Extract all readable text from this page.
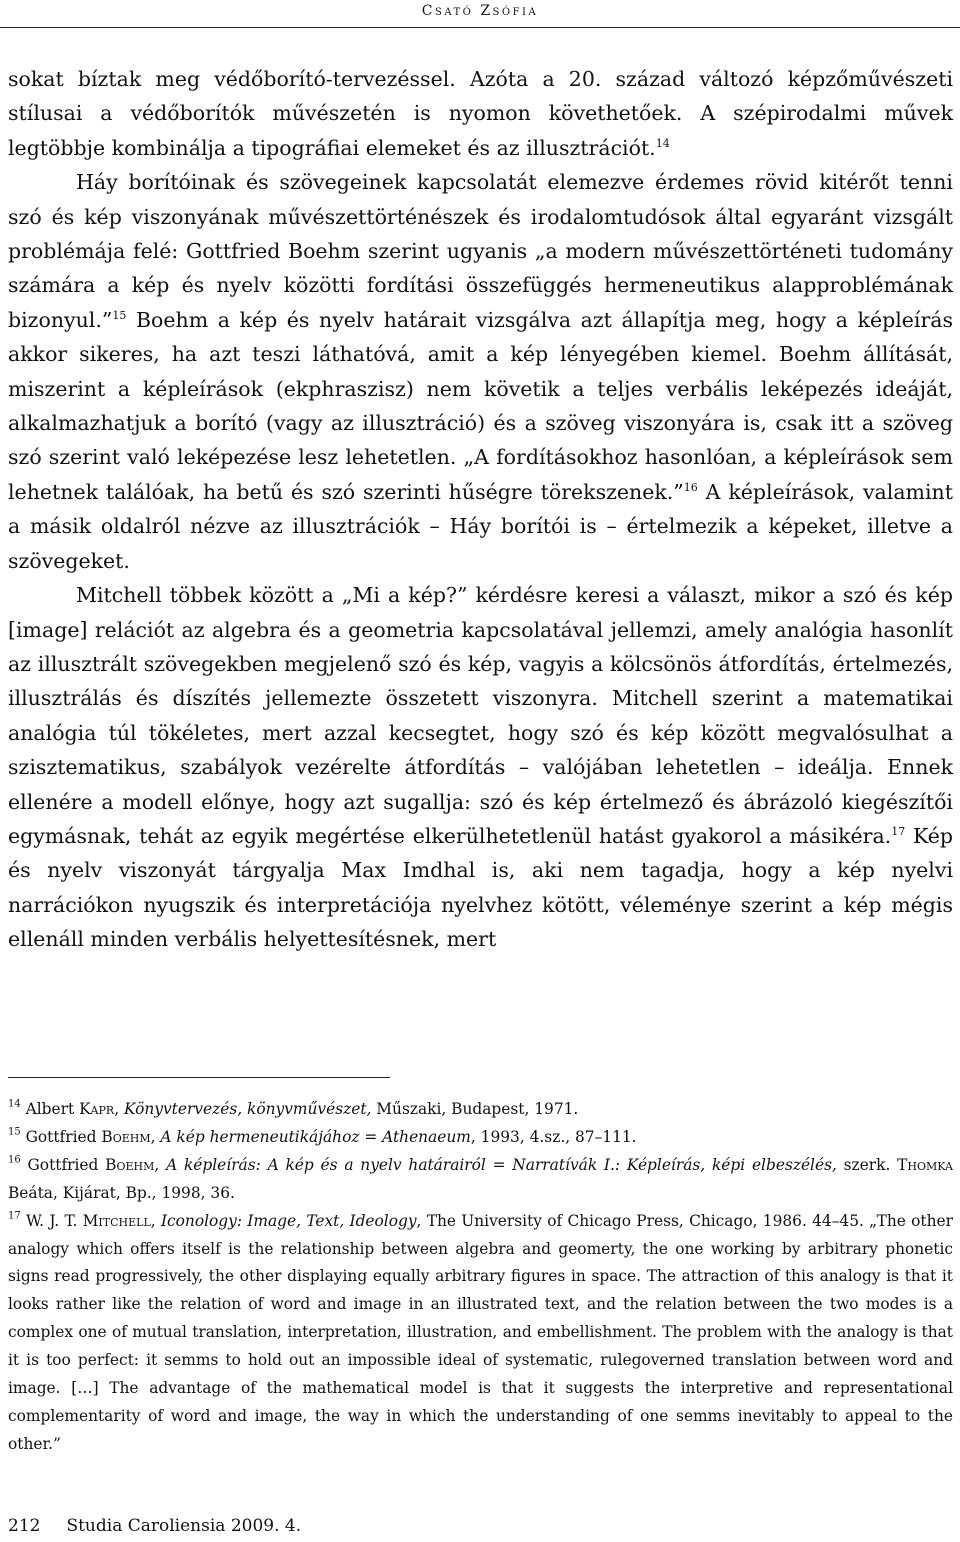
Csató Zsófia

sokat bíztak meg védőborító-tervezéssel. Azóta a 20. század változó képzőművészeti stílusai a védőborítók művészetén is nyomon követhetőek. A szépirodalmi művek legtöbbje kombinálja a tipográfiai elemeket és az illusztrációt.$^{14}$

Háy borítóinak és szövegeinek kapcsolatát elemezve érdemes rövid kitérőt tenni szó és kép viszonyának művészettörténészek és irodalomtudósok által egyaránt vizsgált problémája felé: Gottfried Boehm szerint ugyanis „a modern művészettörténeti tudomány számára a kép és nyelv közötti fordítási összefüggés hermeneutikus alapproblémának bizonyul.”$^{15}$ Boehm a kép és nyelv határait vizsgálva azt állapítja meg, hogy a képleírás akkor sikeres, ha azt teszi láthatóvá, amit a kép lényegében kiemel. Boehm állítását, miszerint a képleírások (ekphraszisz) nem követik a teljes verbális leképezés ideáját, alkalmazhatjuk a borító (vagy az illusztráció) és a szöveg viszonyára is, csak itt a szöveg szó szerint való leképezése lesz lehetetlen. „A fordításokhoz hasonlóan, a képleírások sem lehetnek találóak, ha betű és szó szerinti hűségre törekszenek.”$^{16}$ A képleírások, valamint a másik oldalról nézve az illusztrációk – Háy borítói is – értelmezik a képeket, illetve a szövegeket.

Mitchell többek között a „Mi a kép?” kérdésre keresi a választ, mikor a szó és kép [image] relációt az algebra és a geometria kapcsolatával jellemzi, amely analógia hasonlít az illusztrált szövegekben megjelenő szó és kép, vagyis a kölcsönös átfordítás, értelmezés, illusztrálás és díszítés jellemezte összetett viszonyra. Mitchell szerint a matematikai analógia túl tökéletes, mert azzal kecsegtet, hogy szó és kép között megvalósulhat a szisztematikus, szabályok vezérelte átfordítás – valójában lehetetlen – ideálja. Ennek ellenére a modell előnye, hogy azt sugallja: szó és kép értelmező és ábrázoló kiegészítői egymásnak, tehát az egyik megértése elkerülhetetlenül hatást gyakorol a másikéra.$^{17}$ Kép és nyelv viszonyát tárgyalja Max Imdhal is, aki nem tagadja, hogy a kép nyelvi narrációkon nyugszik és interpretációja nyelvhez kötött, véleménye szerint a kép mégis ellenáll minden verbális helyettesítésnek, mert

$^{14}$ Albert Kapr, Könyvtervezés, könyvművészet, Műszaki, Budapest, 1971.

$^{15}$ Gottfried Boehm, A kép hermeneutikájához = Athenaeum, 1993, 4.sz., 87–111.

$^{16}$ Gottfried Boehm, A képleírás: A kép és a nyelv határairól = Narratívák I.: Képleírás, képi elbeszélés, szerk. Thomka Beáta, Kijárat, Bp., 1998, 36.

$^{17}$ W. J. T. Mitchell, Iconology: Image, Text, Ideology, The University of Chicago Press, Chicago, 1986. 44–45. „The other analogy which offers itself is the relationship between algebra and geomerty, the one working by arbitrary phonetic signs read progressively, the other displaying equally arbitrary figures in space. The attraction of this analogy is that it looks rather like the relation of word and image in an illustrated text, and the relation between the two modes is a complex one of mutual translation, interpretation, illustration, and embellishment. The problem with the analogy is that it is too perfect: it semms to hold out an impossible ideal of systematic, rulegoverned translation between word and image. […] The advantage of the mathematical model is that it suggests the interpretive and representational complementarity of word and image, the way in which the understanding of one semms inevitably to appeal to the other.”

212 Studia Caroliensia 2009. 4.
